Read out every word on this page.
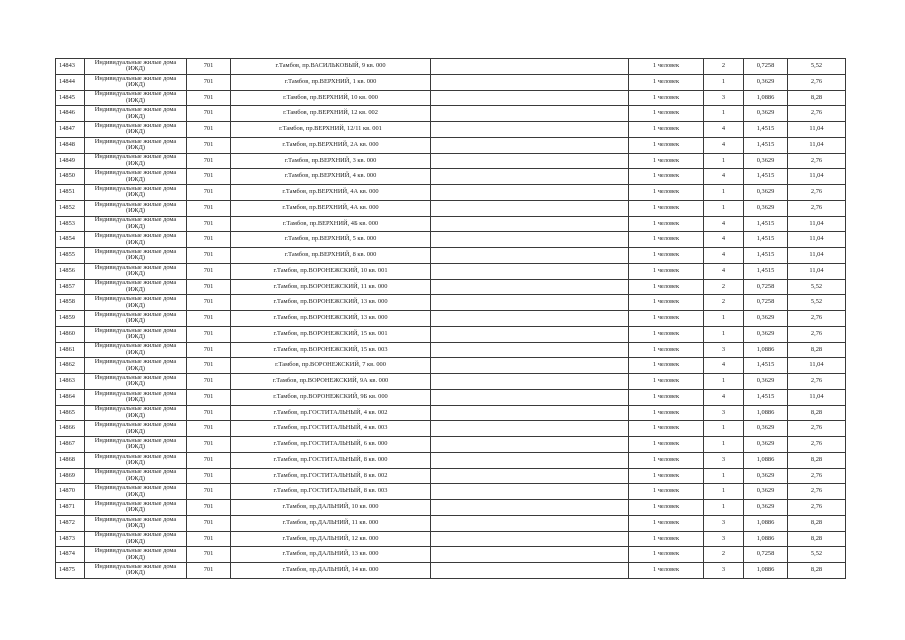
14843	Индивидуальные жилые дома (ИЖД)	701	г.Тамбов, пр.ВАСИЛЬКОВЫЙ, 9 кв. 000		1 человек	2	0,7258	5,52
14844	Индивидуальные жилые дома (ИЖД)	701	г.Тамбов, пр.ВЕРХНИЙ, 1 кв. 000		1 человек	1	0,3629	2,76
14845	Индивидуальные жилые дома (ИЖД)	701	г.Тамбов, пр.ВЕРХНИЙ, 10 кв. 000		1 человек	3	1,0886	8,28
14846	Индивидуальные жилые дома (ИЖД)	701	г.Тамбов, пр.ВЕРХНИЙ, 12 кв. 002		1 человек	1	0,3629	2,76
14847	Индивидуальные жилые дома (ИЖД)	701	г.Тамбов, пр.ВЕРХНИЙ, 12/11 кв. 001		1 человек	4	1,4515	11,04
14848	Индивидуальные жилые дома (ИЖД)	701	г.Тамбов, пр.ВЕРХНИЙ, 2А кв. 000		1 человек	4	1,4515	11,04
14849	Индивидуальные жилые дома (ИЖД)	701	г.Тамбов, пр.ВЕРХНИЙ, 3 кв. 000		1 человек	1	0,3629	2,76
14850	Индивидуальные жилые дома (ИЖД)	701	г.Тамбов, пр.ВЕРХНИЙ, 4 кв. 000		1 человек	4	1,4515	11,04
14851	Индивидуальные жилые дома (ИЖД)	701	г.Тамбов, пр.ВЕРХНИЙ, 4А кв. 000		1 человек	1	0,3629	2,76
14852	Индивидуальные жилые дома (ИЖД)	701	г.Тамбов, пр.ВЕРХНИЙ, 4А кв. 000		1 человек	1	0,3629	2,76
14853	Индивидуальные жилые дома (ИЖД)	701	г.Тамбов, пр.ВЕРХНИЙ, 4Б кв. 000		1 человек	4	1,4515	11,04
14854	Индивидуальные жилые дома (ИЖД)	701	г.Тамбов, пр.ВЕРХНИЙ, 5 кв. 000		1 человек	4	1,4515	11,04
14855	Индивидуальные жилые дома (ИЖД)	701	г.Тамбов, пр.ВЕРХНИЙ, 8 кв. 000		1 человек	4	1,4515	11,04
14856	Индивидуальные жилые дома (ИЖД)	701	г.Тамбов, пр.ВОРОНЕЖСКИЙ, 10 кв. 001		1 человек	4	1,4515	11,04
14857	Индивидуальные жилые дома (ИЖД)	701	г.Тамбов, пр.ВОРОНЕЖСКИЙ, 11 кв. 000		1 человек	2	0,7258	5,52
14858	Индивидуальные жилые дома (ИЖД)	701	г.Тамбов, пр.ВОРОНЕЖСКИЙ, 13 кв. 000		1 человек	2	0,7258	5,52
14859	Индивидуальные жилые дома (ИЖД)	701	г.Тамбов, пр.ВОРОНЕЖСКИЙ, 13 кв. 000		1 человек	1	0,3629	2,76
14860	Индивидуальные жилые дома (ИЖД)	701	г.Тамбов, пр.ВОРОНЕЖСКИЙ, 15 кв. 001		1 человек	1	0,3629	2,76
14861	Индивидуальные жилые дома (ИЖД)	701	г.Тамбов, пр.ВОРОНЕЖСКИЙ, 15 кв. 003		1 человек	3	1,0886	8,28
14862	Индивидуальные жилые дома (ИЖД)	701	г.Тамбов, пр.ВОРОНЕЖСКИЙ, 7 кв. 000		1 человек	4	1,4515	11,04
14863	Индивидуальные жилые дома (ИЖД)	701	г.Тамбов, пр.ВОРОНЕЖСКИЙ, 9А кв. 000		1 человек	1	0,3629	2,76
14864	Индивидуальные жилые дома (ИЖД)	701	г.Тамбов, пр.ВОРОНЕЖСКИЙ, 9Б кв. 000		1 человек	4	1,4515	11,04
14865	Индивидуальные жилые дома (ИЖД)	701	г.Тамбов, пр.ГОСТИТАЛЬНЫЙ, 4 кв. 002		1 человек	3	1,0886	8,28
14866	Индивидуальные жилые дома (ИЖД)	701	г.Тамбов, пр.ГОСТИТАЛЬНЫЙ, 4 кв. 003		1 человек	1	0,3629	2,76
14867	Индивидуальные жилые дома (ИЖД)	701	г.Тамбов, пр.ГОСТИТАЛЬНЫЙ, 6 кв. 000		1 человек	1	0,3629	2,76
14868	Индивидуальные жилые дома (ИЖД)	701	г.Тамбов, пр.ГОСТИТАЛЬНЫЙ, 8 кв. 000		1 человек	3	1,0886	8,28
14869	Индивидуальные жилые дома (ИЖД)	701	г.Тамбов, пр.ГОСТИТАЛЬНЫЙ, 8 кв. 002		1 человек	1	0,3629	2,76
14870	Индивидуальные жилые дома (ИЖД)	701	г.Тамбов, пр.ГОСТИТАЛЬНЫЙ, 8 кв. 003		1 человек	1	0,3629	2,76
14871	Индивидуальные жилые дома (ИЖД)	701	г.Тамбов, пр.ДАЛЬНИЙ, 10 кв. 000		1 человек	1	0,3629	2,76
14872	Индивидуальные жилые дома (ИЖД)	701	г.Тамбов, пр.ДАЛЬНИЙ, 11 кв. 000		1 человек	3	1,0886	8,28
14873	Индивидуальные жилые дома (ИЖД)	701	г.Тамбов, пр.ДАЛЬНИЙ, 12 кв. 000		1 человек	3	1,0886	8,28
14874	Индивидуальные жилые дома (ИЖД)	701	г.Тамбов, пр.ДАЛЬНИЙ, 13 кв. 000		1 человек	2	0,7258	5,52
14875	Индивидуальные жилые дома (ИЖД)	701	г.Тамбов, пр.ДАЛЬНИЙ, 14 кв. 000		1 человек	3	1,0886	8,28
